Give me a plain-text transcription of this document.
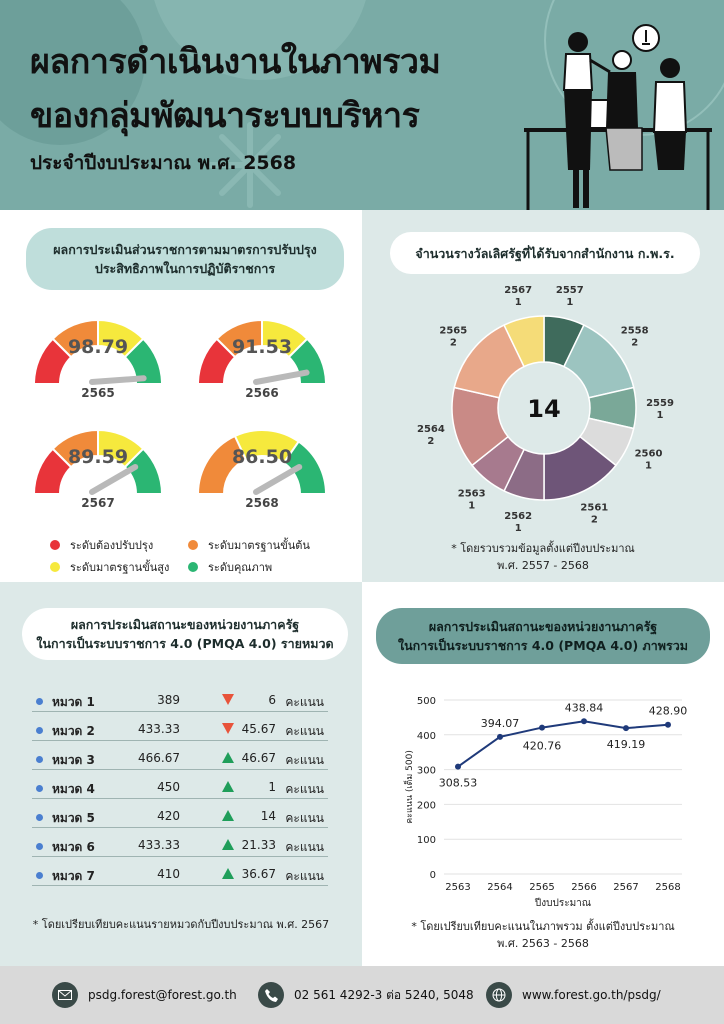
ผลการดำเนินงานในภาพรวม
ของกลุ่มพัฒนาระบบบริหาร
ประจำปีงบประมาณ พ.ศ. 2568
ผลการประเมินส่วนราชการตามมาตรการปรับปรุง
ประสิทธิภาพในการปฏิบัติราชการ
98.79
2565
91.53
2566
89.59
2567
86.50
2568
ระดับต้องปรับปรุง	ระดับมาตรฐานขั้นต้น
ระดับมาตรฐานขั้นสูง	ระดับคุณภาพ
จำนวนรางวัลเลิศรัฐที่ได้รับจากสำนักงาน ก.พ.ร.
2557
1
2558
2
2559
1
2560
1
2561
2
2562
1
2563
1
2564
2
2565
2
2567
1
14
* โดยรวบรวมข้อมูลตั้งแต่ปีงบประมาณ
พ.ศ. 2557 - 2568
ผลการประเมินสถานะของหน่วยงานภาครัฐ
ในการเป็นระบบราชการ 4.0 (PMQA 4.0) รายหมวด
หมวด 1	389	6 คะแนน
หมวด 2	433.33	45.67 คะแนน
หมวด 3	466.67	46.67 คะแนน
หมวด 4	450	1 คะแนน
หมวด 5	420	14 คะแนน
หมวด 6	433.33	21.33 คะแนน
หมวด 7	410	36.67 คะแนน
* โดยเปรียบเทียบคะแนนรายหมวดกับปีงบประมาณ พ.ศ. 2567
ผลการประเมินสถานะของหน่วยงานภาครัฐ
ในการเป็นระบบราชการ 4.0 (PMQA 4.0) ภาพรวม
0
100
200
300
400
500
2563 2564 2565 2566 2567 2568
ปีงบประมาณ
คะแนน (เต็ม 500) 308.53
394.07
420.76
438.84
419.19
428.90
* โดยเปรียบเทียบคะแนนในภาพรวม ตั้งแต่ปีงบประมาณ
พ.ศ. 2563 - 2568
psdg.forest@forest.go.th	02 561 4292-3 ต่อ 5240, 5048	www.forest.go.th/psdg/
